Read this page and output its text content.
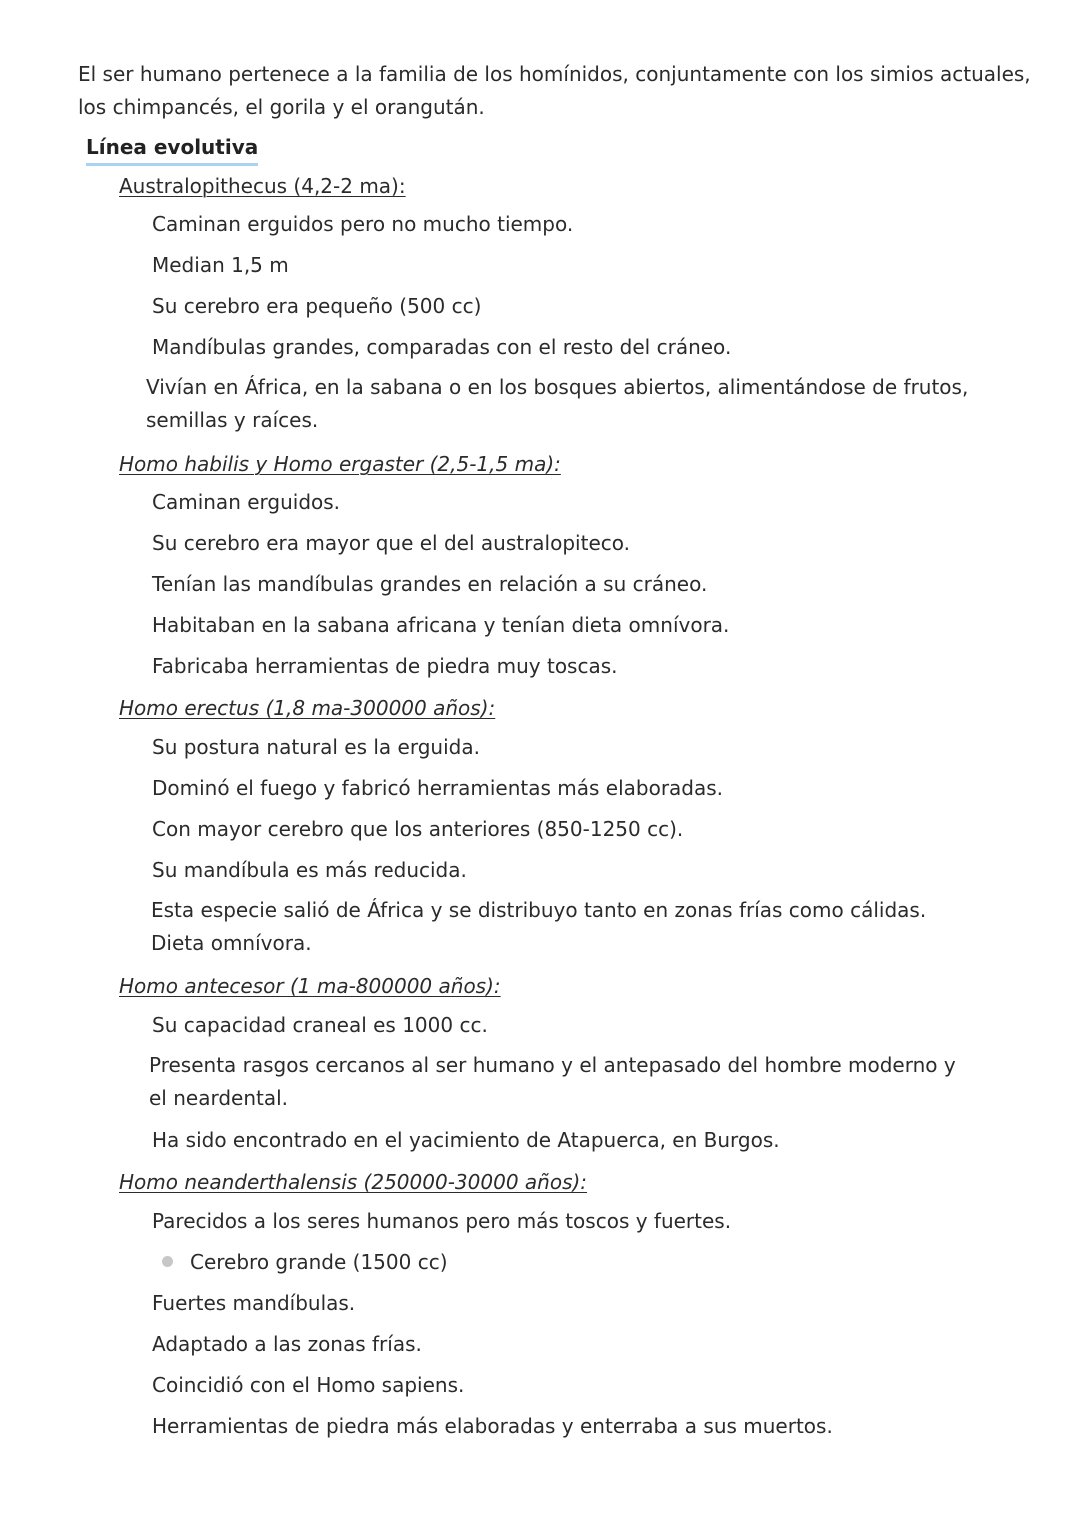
El ser humano pertenece a la familia de los homínidos, conjuntamente con los simios actuales, los chimpancés, el gorila y el orangután.

Línea evolutiva
Australopithecus (4,2-2 ma):
Caminan erguidos pero no mucho tiempo.
Median 1,5 m
Su cerebro era pequeño (500 cc)
Mandíbulas grandes, comparadas con el resto del cráneo.

Vivían en África, en la sabana o en los bosques abiertos, alimentándose de frutos, semillas y raíces.

Homo habilis y Homo ergaster (2,5-1,5 ma):
Caminan erguidos.
Su cerebro era mayor que el del australopiteco.
Tenían las mandíbulas grandes en relación a su cráneo.
Habitaban en la sabana africana y tenían dieta omnívora.
Fabricaba herramientas de piedra muy toscas.
Homo erectus (1,8 ma-300000 años):
Su postura natural es la erguida.
Dominó el fuego y fabricó herramientas más elaboradas.
Con mayor cerebro que los anteriores (850-1250 cc).
Su mandíbula es más reducida.

Esta especie salió de África y se distribuyo tanto en zonas frías como cálidas. Dieta omnívora.

Homo antecesor (1 ma-800000 años):
Su capacidad craneal es 1000 cc.

Presenta rasgos cercanos al ser humano y el antepasado del hombre moderno y el neardental.

Ha sido encontrado en el yacimiento de Atapuerca, en Burgos.
Homo neanderthalensis (250000-30000 años):
Parecidos a los seres humanos pero más toscos y fuertes.
Cerebro grande (1500 cc)
Fuertes mandíbulas.
Adaptado a las zonas frías.
Coincidió con el Homo sapiens.
Herramientas de piedra más elaboradas y enterraba a sus muertos.
